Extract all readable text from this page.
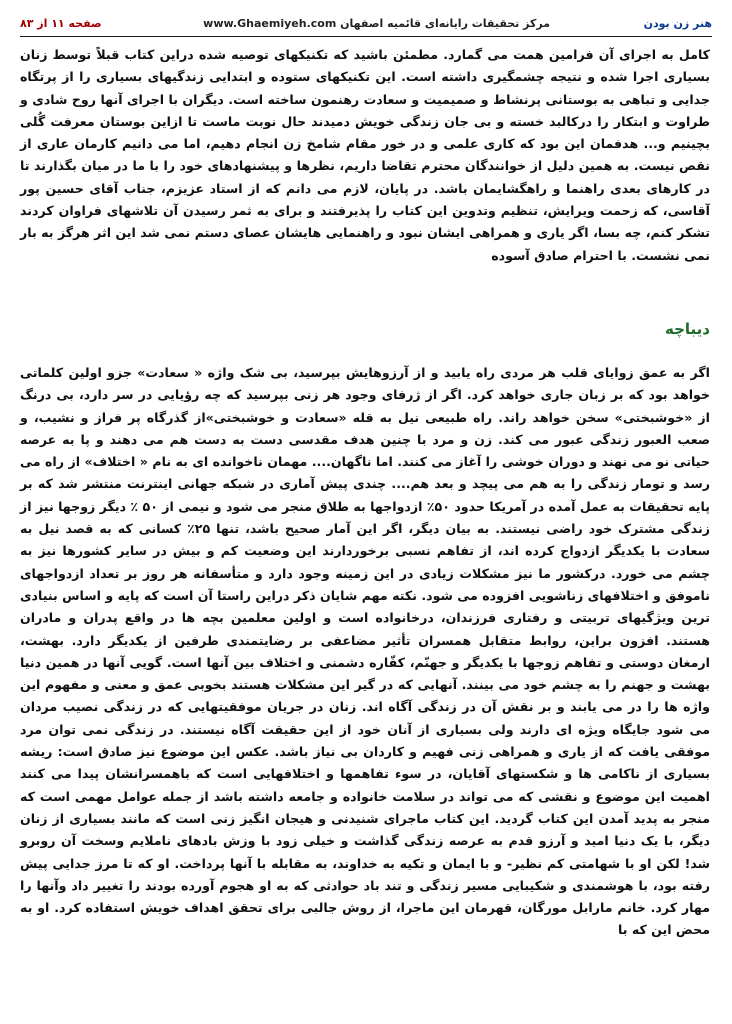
هنر زن بودن
مرکز تحقیقات رایانه‌ای قائمیه اصفهان www.Ghaemiyeh.com
صفحه ۱۱ از ۸۳

کامل به اجرای آن فرامین همت می گمارد. مطمئن باشید که تکنیکهای توصیه شده دراین کتاب قبلاً توسط زنان بسیاری اجرا شده و نتیجه چشمگیری داشته است. این تکنیکهای ستوده و ابتدایی زندگیهای بسیاری را از پرتگاه جدایی و تباهی به بوستانی پرنشاط و صمیمیت و سعادت رهنمون ساخته است. دیگران با اجرای آنها روح شادی و طراوت و ابتکار را درکالبد خسته و بی جان زندگی خویش دمیدند حال نوبت ماست تا ازاین بوستان معرفت گُلی بچینیم و... هدفمان این بود که کاری علمی و در خور مقام شامخ زن انجام دهیم، اما می دانیم کارمان عاری از نقص نیست. به همین دلیل از خوانندگان محترم تقاضا داریم، نظرها و پیشنهادهای خود را با ما در میان بگذارند تا در کارهای بعدی راهنما و راهگشایمان باشد. در پایان، لازم می دانم که از استاد عزیزم، جناب آقای حسین پور آقاسی، که زحمت ویرایش، تنظیم وتدوین این کتاب را پذیرفتند و برای به ثمر رسیدن آن تلاشهای فراوان کردند تشکر کنم، چه بسا، اگر یاری و همراهی ایشان نبود و راهنمایی هایشان عصای دستم نمی شد این اثر هرگز به بار نمی نشست. با احترام صادق آسوده

دیباچه

اگر به عمق زوایای قلب هر مردی راه یابید و از آرزوهایش بپرسید، بی شک واژه « سعادت» جزو اولین کلماتی خواهد بود که بر زبان جاری خواهد کرد. اگر از ژرفای وجود هر زنی بپرسید که چه رؤیایی در سر دارد، بی درنگ از «خوشبختی» سخن خواهد راند. راه طبیعی نیل به قله «سعادت و خوشبختی»از گذرگاه پر فراز و نشیب، و صعب العبور زندگی عبور می کند. زن و مرد با چنین هدف مقدسی دست به دست هم می دهند و پا به عرصه حیاتی نو می نهند و دوران خوشی را آغاز می کنند. اما ناگهان.... مهمان ناخوانده ای به نام « اختلاف» از راه می رسد و تومار زندگی را به هم می پیچد و بعد هم.... چندی پیش آماری در شبکه جهانی اینترنت منتشر شد که بر پایه تحقیقات به عمل آمده در آمریکا حدود ۵۰٪ ازدواجها به طلاق منجر می شود و نیمی از ۵۰ ٪ دیگر زوجها نیز از زندگی مشترک خود راضی نیستند. به بیان دیگر، اگر این آمار صحیح باشد، تنها ۲۵٪ کسانی که به قصد نیل به سعادت با یکدیگر ازدواج کرده اند، از تفاهم نسبی برخوردارند این وضعیت کم و بیش در سایر کشورها نیز به چشم می خورد. درکشور ما نیز مشکلات زیادی در این زمینه وجود دارد و متأسفانه هر روز بر تعداد ازدواجهای ناموفق و اختلافهای زناشویی افزوده می شود. نکته مهم شایان ذکر دراین راستا آن است که پایه و اساس بنیادی ترین ویژگیهای تربیتی و رفتاری فرزندان، درخانواده است و اولین معلمین بچه ها در واقع پدران و مادران هستند. افزون براین، روابط متقابل همسران تأثیر مضاعفی بر رضایتمندی طرفین از یکدیگر دارد. بهشت، ارمغان دوستی و تفاهم زوجها با یکدیگر و جهنّم، کفّاره دشمنی و اختلاف بین آنها است. گویی آنها در همین دنیا بهشت و جهنم را به چشم خود می بینند. آنهایی که در گیر این مشکلات هستند بخوبی عمق و معنی و مفهوم این واژه ها را در می یابند و بر نقش آن در زندگی آگاه اند. زنان در جریان موفقیتهایی که در زندگی نصیب مردان می شود جایگاه ویژه ای دارند ولی بسیاری از آنان خود از این حقیقت آگاه نیستند. در زندگی نمی توان مرد موفقی یافت که از یاری و همراهی زنی فهیم و کاردان بی نیاز باشد. عکس این موضوع نیز صادق است: ریشه بسیاری از ناکامی ها و شکستهای آقایان، در سوء تفاهمها و اختلافهایی است که باهمسرانشان پیدا می کنند اهمیت این موضوع و نقشی که می تواند در سلامت خانواده و جامعه داشته باشد از جمله عوامل مهمی است که منجر به پدید آمدن این کتاب گردید. این کتاب ماجرای شنیدنی و هیجان انگیز زنی است که مانند بسیاری از زنان دیگر، با یک دنیا امید و آرزو قدم به عرصه زندگی گذاشت و خیلی زود با وزش بادهای ناملایم وسخت آن روبرو شد! لکن او با شهامتی کم نظیر- و با ایمان و تکیه به خداوند، به مقابله با آنها پرداخت. او که تا مرز جدایی پیش رفته بود، با هوشمندی و شکیبایی مسیر زندگی و تند باد حوادثی که به او هجوم آورده بودند را تغییر داد وآنها را مهار کرد. خانم مارابل مورگان، قهرمان این ماجرا، از روش جالبی برای تحقق اهداف خویش استفاده کرد. او به محض این که با
